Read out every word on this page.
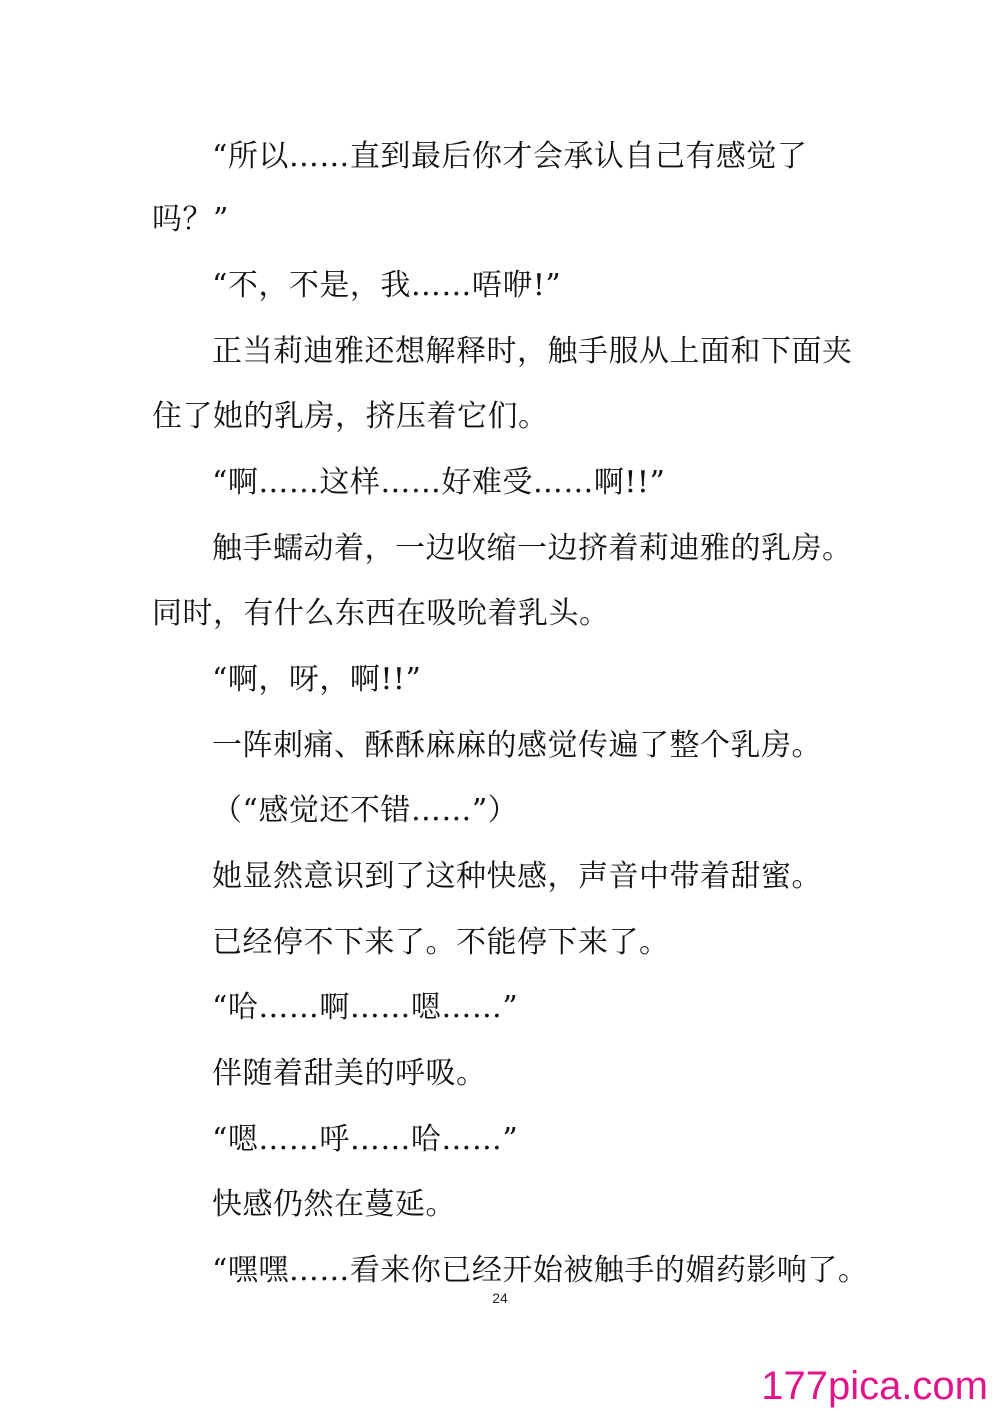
“所以……直到最后你才会承认自己有感觉了
吗？”
“不，不是，我……唔咿!”
正当莉迪雅还想解释时，触手服从上面和下面夹
住了她的乳房，挤压着它们。
“啊……这样……好难受……啊!!”
触手蠕动着，一边收缩一边挤着莉迪雅的乳房。
同时，有什么东西在吸吮着乳头。
“啊，呀，啊!!”
一阵刺痛、酥酥麻麻的感觉传遍了整个乳房。
（“感觉还不错……”）
她显然意识到了这种快感，声音中带着甜蜜。
已经停不下来了。不能停下来了。
“哈……啊……嗯……”
伴随着甜美的呼吸。
“嗯……呼……哈……”
快感仍然在蔓延。
“嘿嘿……看来你已经开始被触手的媚药影响了。
24
177pica.com
